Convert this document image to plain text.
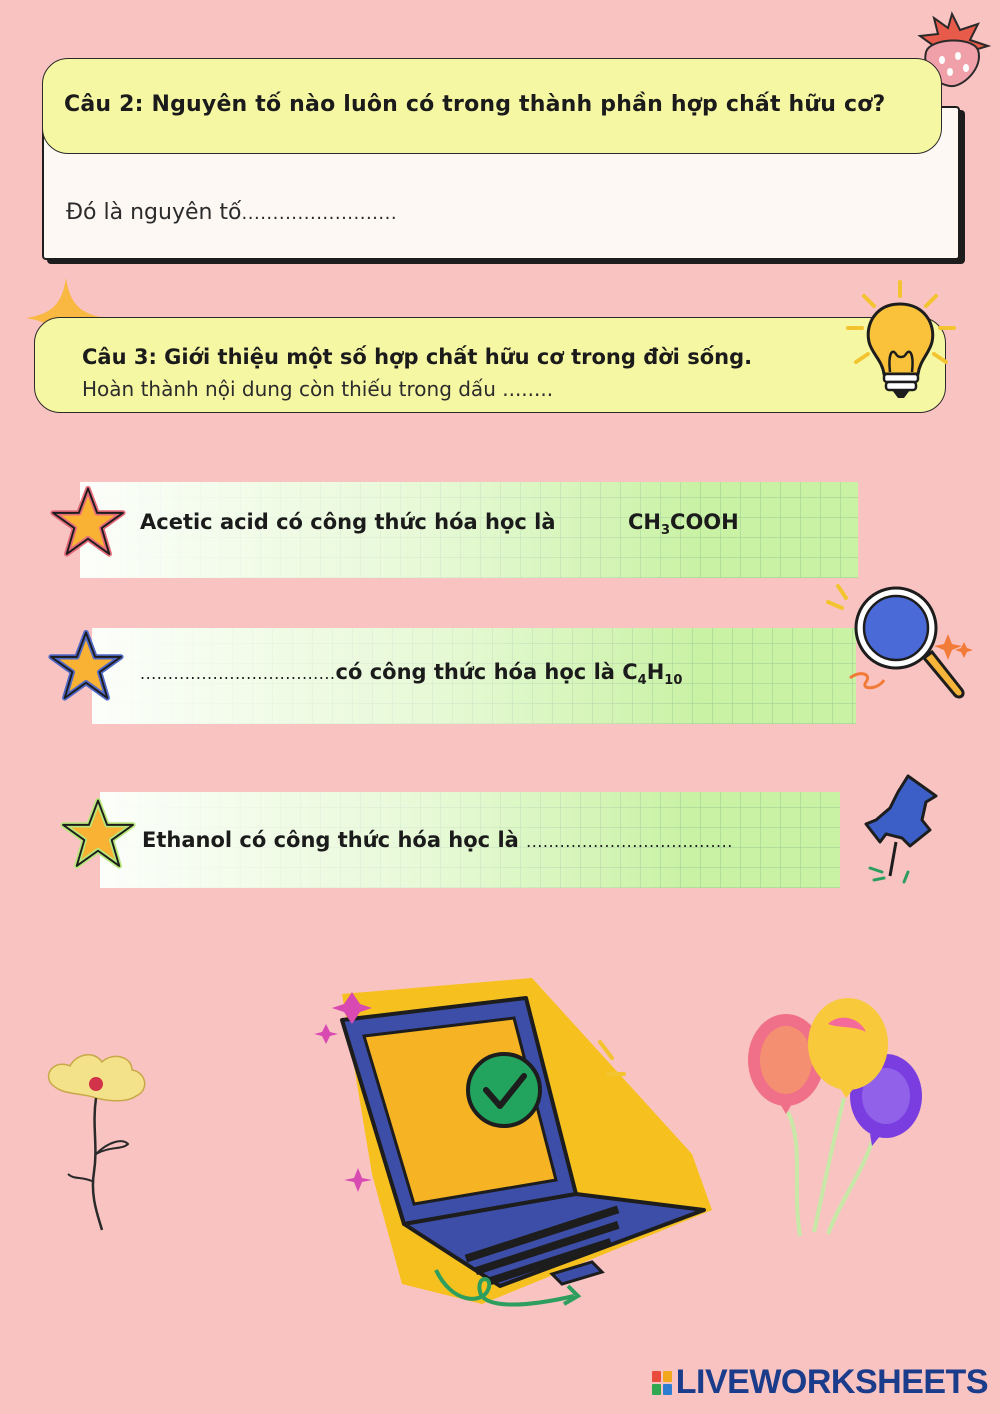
Câu 2: Nguyên tố nào luôn có trong thành phần hợp chất hữu cơ?
Đó là nguyên tố.........................
Câu 3: Giới thiệu một số hợp chất hữu cơ trong đời sống.
Hoàn thành nội dung còn thiếu trong dấu ........
Acetic acid có công thức hóa học là	$CH_3COOH$
...................................có công thức hóa học là $C_4H_{10}$
Ethanol có công thức hóa học là .....................................
LIVEWORKSHEETS
